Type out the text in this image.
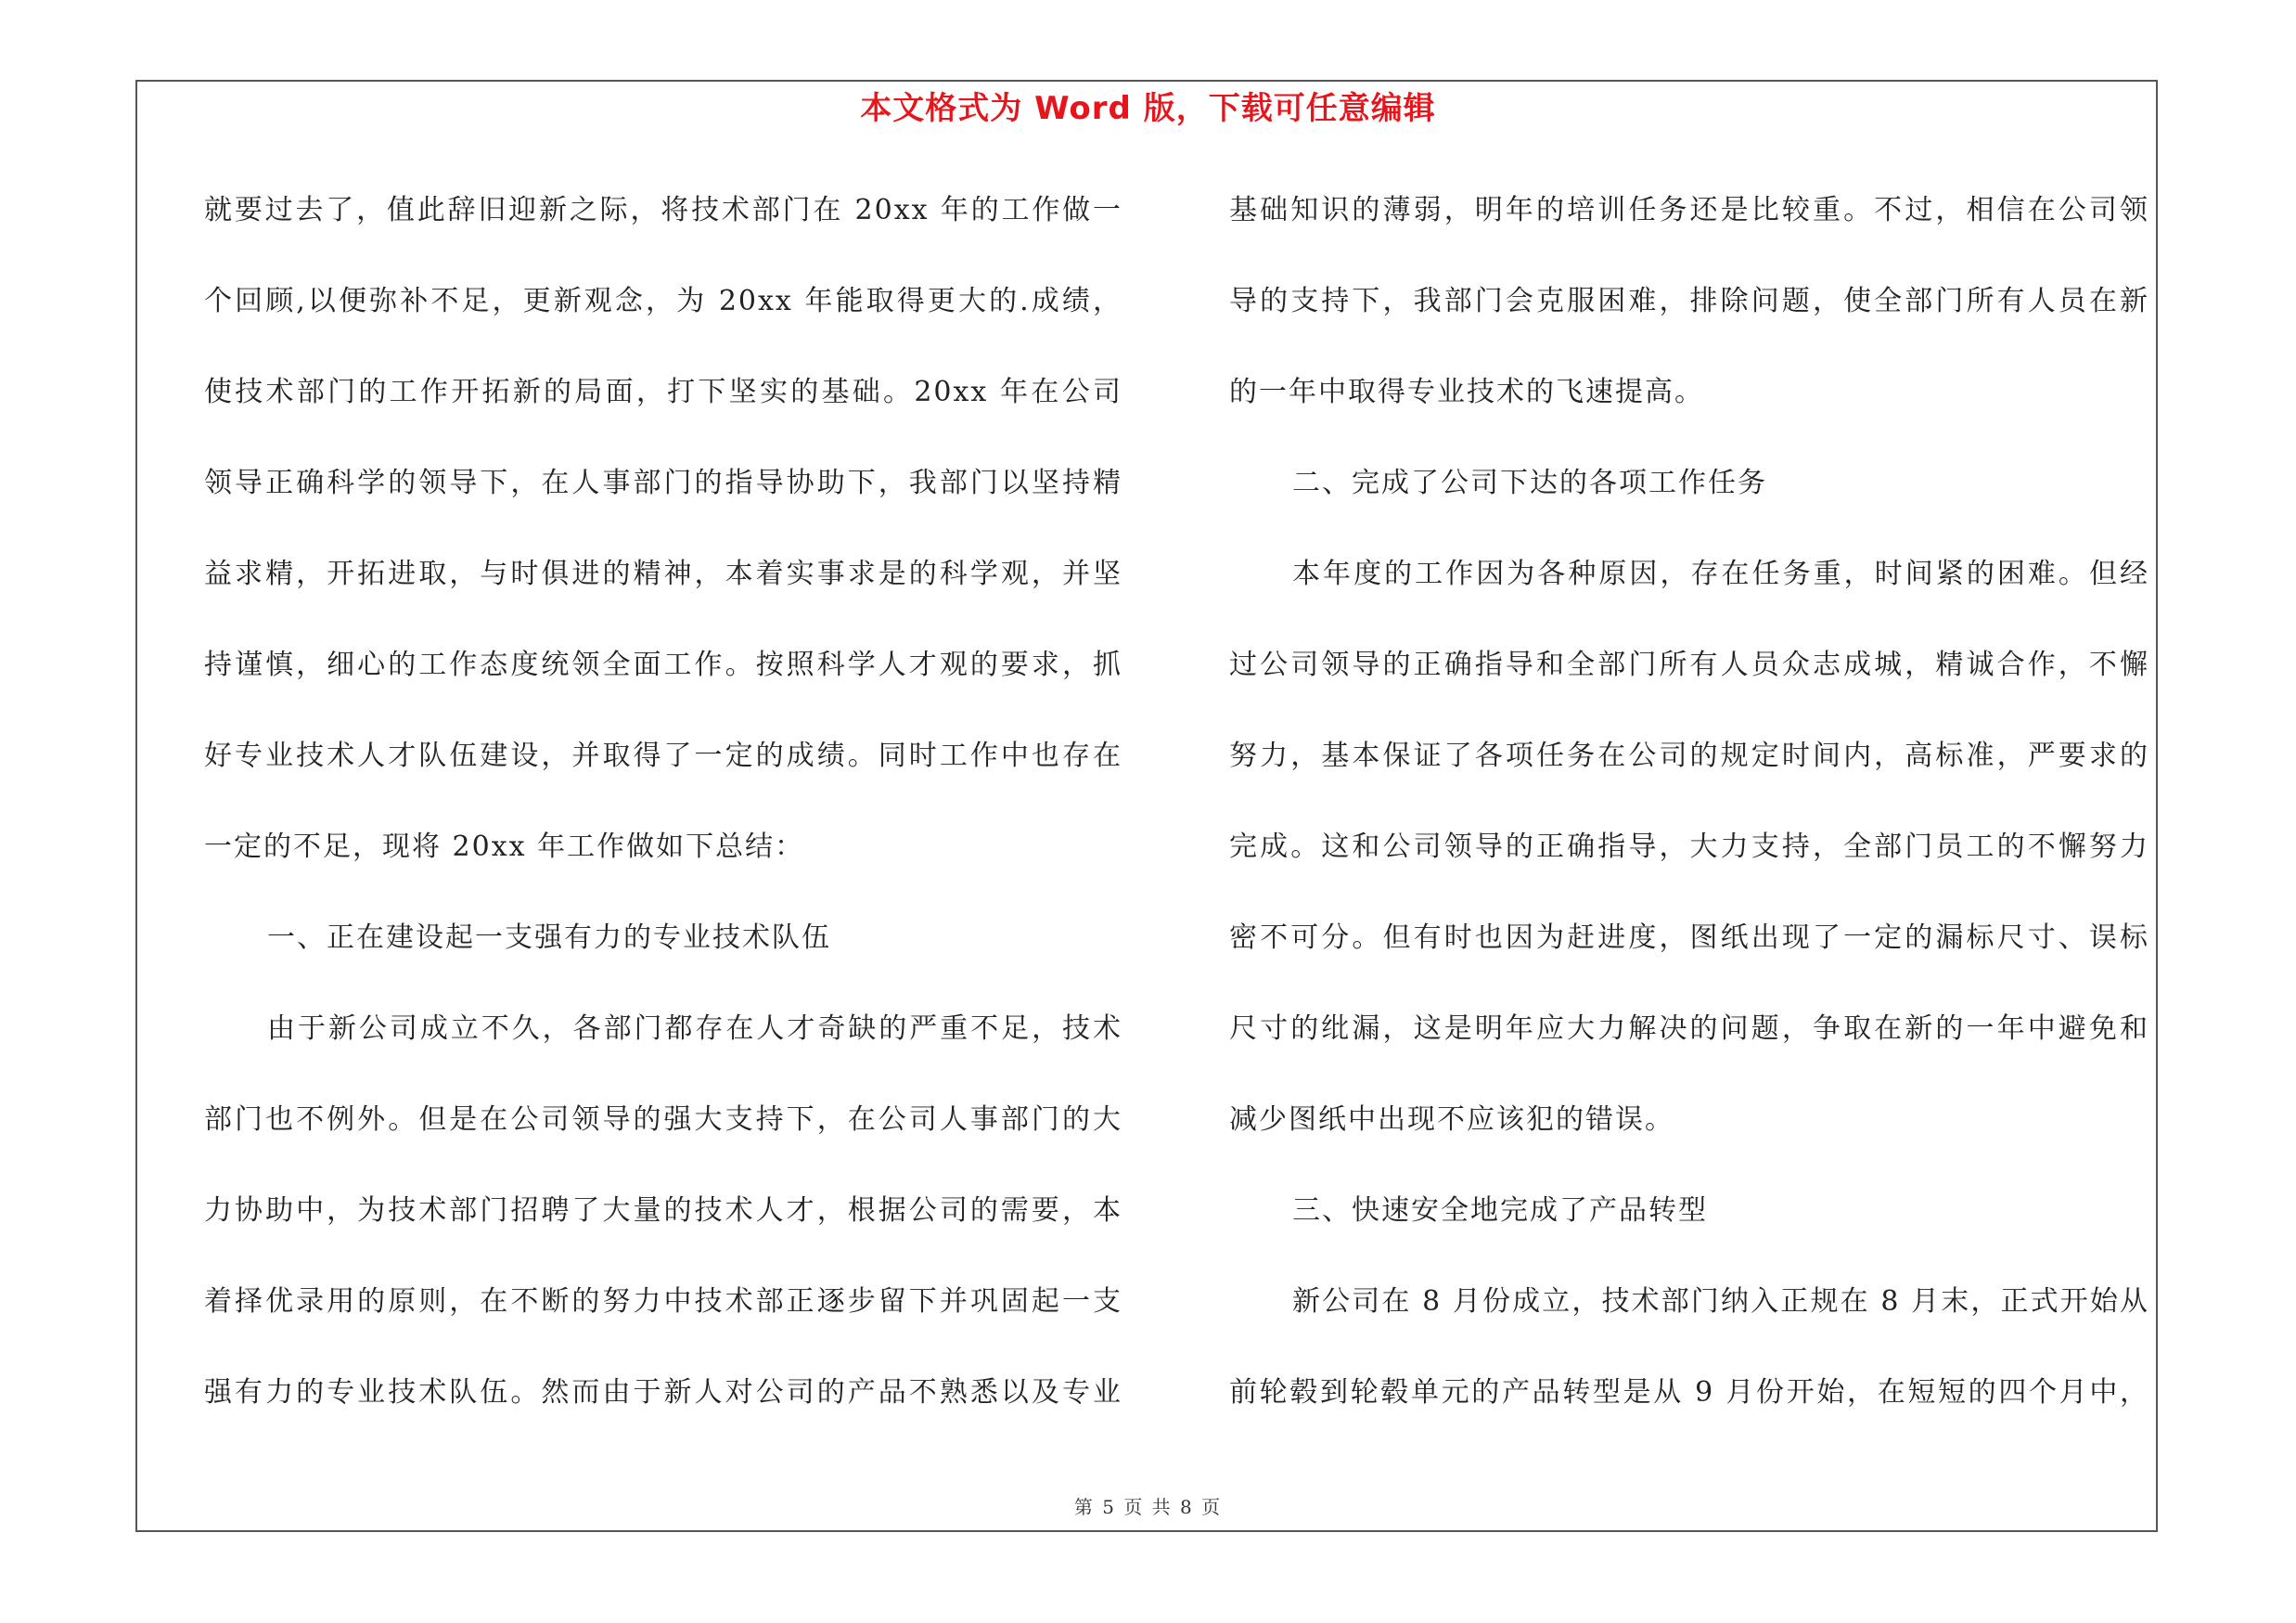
本文格式为 Word 版，下载可任意编辑
就要过去了，值此辞旧迎新之际，将技术部门在 20xx 年的工作做一
个回顾,以便弥补不足，更新观念，为 20xx 年能取得更大的.成绩，
使技术部门的工作开拓新的局面，打下坚实的基础。20xx 年在公司
领导正确科学的领导下，在人事部门的指导协助下，我部门以坚持精
益求精，开拓进取，与时俱进的精神，本着实事求是的科学观，并坚
持谨慎，细心的工作态度统领全面工作。按照科学人才观的要求，抓
好专业技术人才队伍建设，并取得了一定的成绩。同时工作中也存在
一定的不足，现将 20xx 年工作做如下总结：
一、正在建设起一支强有力的专业技术队伍
由于新公司成立不久，各部门都存在人才奇缺的严重不足，技术
部门也不例外。但是在公司领导的强大支持下，在公司人事部门的大
力协助中，为技术部门招聘了大量的技术人才，根据公司的需要，本
着择优录用的原则，在不断的努力中技术部正逐步留下并巩固起一支
强有力的专业技术队伍。然而由于新人对公司的产品不熟悉以及专业
基础知识的薄弱，明年的培训任务还是比较重。不过，相信在公司领
导的支持下，我部门会克服困难，排除问题，使全部门所有人员在新
的一年中取得专业技术的飞速提高。
二、完成了公司下达的各项工作任务
本年度的工作因为各种原因，存在任务重，时间紧的困难。但经
过公司领导的正确指导和全部门所有人员众志成城，精诚合作，不懈
努力，基本保证了各项任务在公司的规定时间内，高标准，严要求的
完成。这和公司领导的正确指导，大力支持，全部门员工的不懈努力
密不可分。但有时也因为赶进度，图纸出现了一定的漏标尺寸、误标
尺寸的纰漏，这是明年应大力解决的问题，争取在新的一年中避免和
减少图纸中出现不应该犯的错误。
三、快速安全地完成了产品转型
新公司在 8 月份成立，技术部门纳入正规在 8 月末，正式开始从
前轮毂到轮毂单元的产品转型是从 9 月份开始，在短短的四个月中，
第 5 页 共 8 页
